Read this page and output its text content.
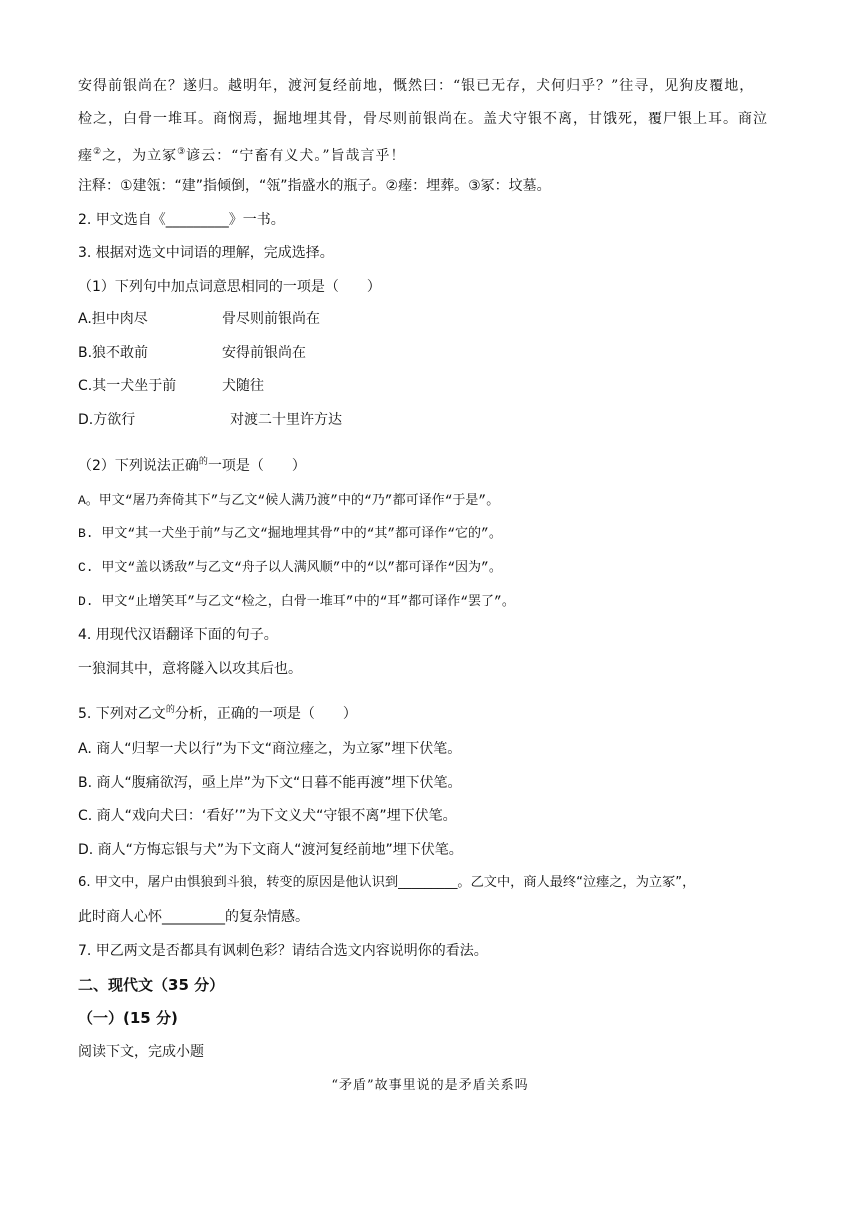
安得前银尚在？遂归。越明年，渡河复经前地，慨然曰：“银已无存，犬何归乎？”往寻，见狗皮覆地，
检之，白骨一堆耳。商悯焉，掘地埋其骨，骨尽则前银尚在。盖犬守银不离，甘饿死，覆尸银上耳。商泣
瘗②之，为立冢③谚云：“宁畜有义犬。”旨哉言乎！
注释：①建瓴：“建”指倾倒，“瓴”指盛水的瓶子。②瘗：埋葬。③冢：坟墓。
2. 甲文选自《_________》一书。
3. 根据对选文中词语的理解，完成选择。
（1）下列句中加点词意思相同的一项是（　　）
A.担中肉尽	骨尽则前银尚在
B.狼不敢前	安得前银尚在
C.其一犬坐于前	犬随往
D.方欲行	对渡二十里许方达
（2）下列说法正确$^的$一项是（　　）
A。甲文“屠乃奔倚其下”与乙文“候人满乃渡”中的“乃”都可译作“于是”。
B. 甲文“其一犬坐于前”与乙文“掘地埋其骨”中的“其”都可译作“它的”。
C. 甲文“盖以诱敌”与乙文“舟子以人满风顺”中的“以”都可译作“因为”。
D. 甲文“止增笑耳”与乙文“检之，白骨一堆耳”中的“耳”都可译作“罢了”。
4. 用现代汉语翻译下面的句子。
一狼洞其中，意将隧入以攻其后也。
5. 下列对乙文$^的$分析，正确的一项是（　　）
A. 商人“归挈一犬以行”为下文“商泣瘗之，为立冢”埋下伏笔。
B. 商人“腹痛欲泻，亟上岸”为下文“日暮不能再渡”埋下伏笔。
C. 商人“戏向犬曰：‘看好’”为下文义犬“守银不离”埋下伏笔。
D. 商人“方悔忘银与犬”为下文商人“渡河复经前地”埋下伏笔。
6. 甲文中，屠户由惧狼到斗狼，转变的原因是他认识到_________。乙文中，商人最终“泣瘗之，为立冢”，
此时商人心怀_________的复杂情感。
7. 甲乙两文是否都具有讽刺色彩？请结合选文内容说明你的看法。
二、现代文（35 分）
（一）(15 分)
阅读下文，完成小题
“矛盾”故事里说的是矛盾关系吗
